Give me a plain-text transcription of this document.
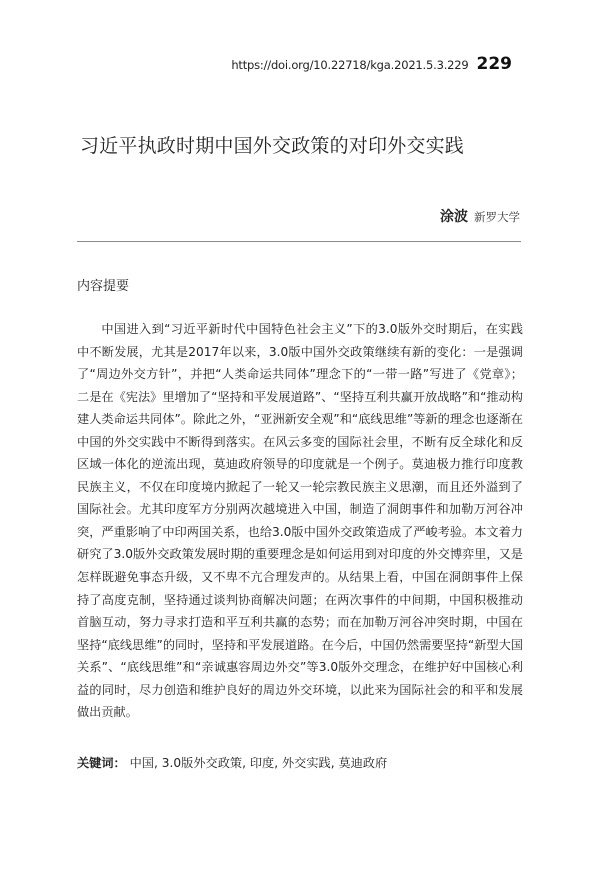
https://doi.org/10.22718/kga.2021.5.3.229 229
习近平执政时期中国外交政策的对印外交实践
涂波 新罗大学
内容提要

中国进入到“习近平新时代中国特色社会主义”下的3.0版外交时期后，在实践中不断发展，尤其是2017年以来，3.0版中国外交政策继续有新的变化：一是强调了“周边外交方针”，并把“人类命运共同体”理念下的“一带一路”写进了《党章》；二是在《宪法》里增加了“坚持和平发展道路”、“坚持互利共赢开放战略”和“推动构建人类命运共同体”。除此之外，“亚洲新安全观”和“底线思维”等新的理念也逐渐在中国的外交实践中不断得到落实。在风云多变的国际社会里，不断有反全球化和反区域一体化的逆流出现，莫迪政府领导的印度就是一个例子。莫迪极力推行印度教民族主义，不仅在印度境内掀起了一轮又一轮宗教民族主义思潮，而且还外溢到了国际社会。尤其印度军方分别两次越境进入中国，制造了洞朗事件和加勒万河谷冲突，严重影响了中印两国关系，也给3.0版中国外交政策造成了严峻考验。本文着力研究了3.0版外交政策发展时期的重要理念是如何运用到对印度的外交博弈里，又是怎样既避免事态升级，又不卑不亢合理发声的。从结果上看，中国在洞朗事件上保持了高度克制，坚持通过谈判协商解决问题；在两次事件的中间期，中国积极推动首脑互动，努力寻求打造和平互利共赢的态势；而在加勒万河谷冲突时期，中国在坚持“底线思维”的同时，坚持和平发展道路。在今后，中国仍然需要坚持“新型大国关系”、“底线思维”和“亲诚惠容周边外交”等3.0版外交理念，在维护好中国核心利益的同时，尽力创造和维护良好的周边外交环境，以此来为国际社会的和平和发展做出贡献。

关键词： 中国, 3.0版外交政策, 印度, 外交实践, 莫迪政府
